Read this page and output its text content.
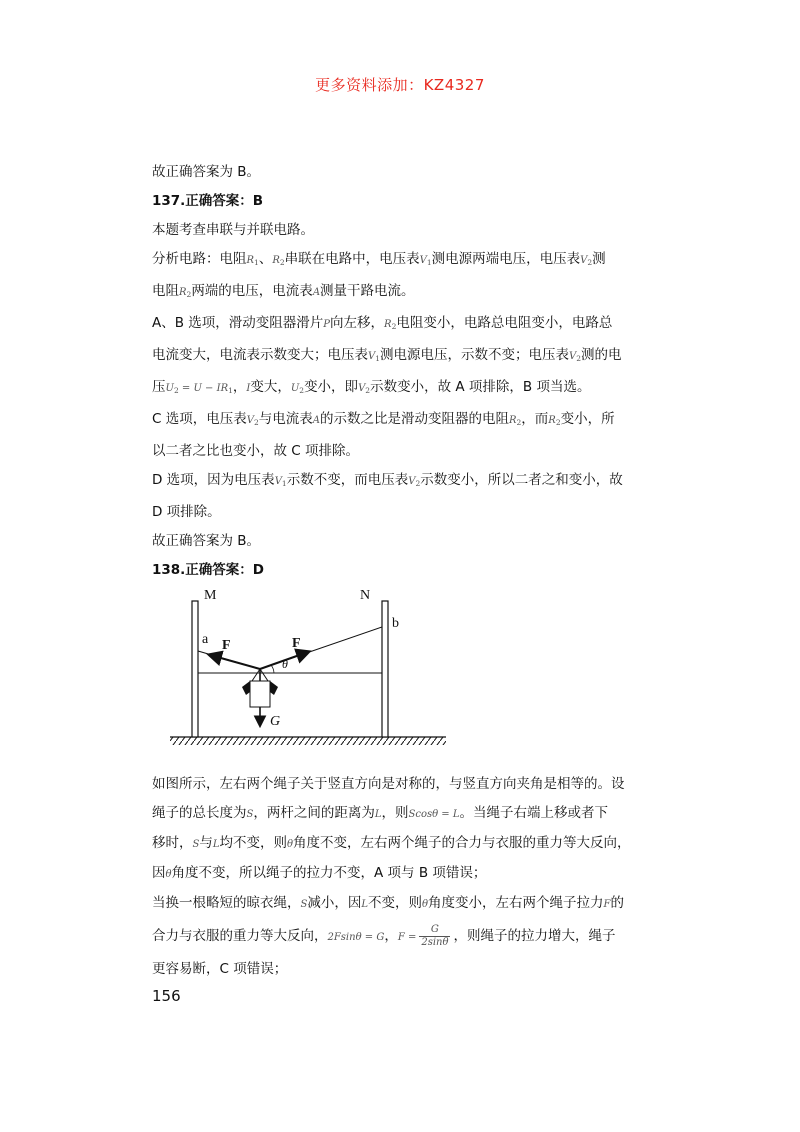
更多资料添加：KZ4327

故正确答案为 B。

137.正确答案：B

本题考查串联与并联电路。

分析电路：电阻$R_1$、$R_2$串联在电路中，电压表$V_1$测电源两端电压，电压表$V_2$测

电阻$R_2$两端的电压，电流表A测量干路电流。

A、B 选项，滑动变阻器滑片P向左移，$R_2$电阻变小，电路总电阻变小，电路总

电流变大，电流表示数变大；电压表$V_1$测电源电压，示数不变；电压表$V_2$测的电

压$U_2 = U - IR_1$，I变大，$U_2$变小，即$V_2$示数变小，故 A 项排除，B 项当选。

C 选项，电压表$V_2$与电流表A的示数之比是滑动变阻器的电阻$R_2$，而$R_2$变小，所

以二者之比也变小，故 C 项排除。

D 选项，因为电压表$V_1$示数不变，而电压表$V_2$示数变小，所以二者之和变小，故

D 项排除。

故正确答案为 B。

138.正确答案：D

M	N
a
b
F	F
θ
G

如图所示，左右两个绳子关于竖直方向是对称的，与竖直方向夹角是相等的。设

绳子的总长度为S，两杆之间的距离为L，则Scosθ = L。当绳子右端上移或者下

移时，S与L均不变，则θ角度不变，左右两个绳子的合力与衣服的重力等大反向，

因θ角度不变，所以绳子的拉力不变，A 项与 B 项错误；

当换一根略短的晾衣绳，S减小，因L不变，则θ角度变小，左右两个绳子拉力F的

合力与衣服的重力等大反向，2Fsinθ = G，$F = \frac{G}{2\sin\theta}$ ，则绳子的拉力增大，绳子

更容易断，C 项错误；

156
